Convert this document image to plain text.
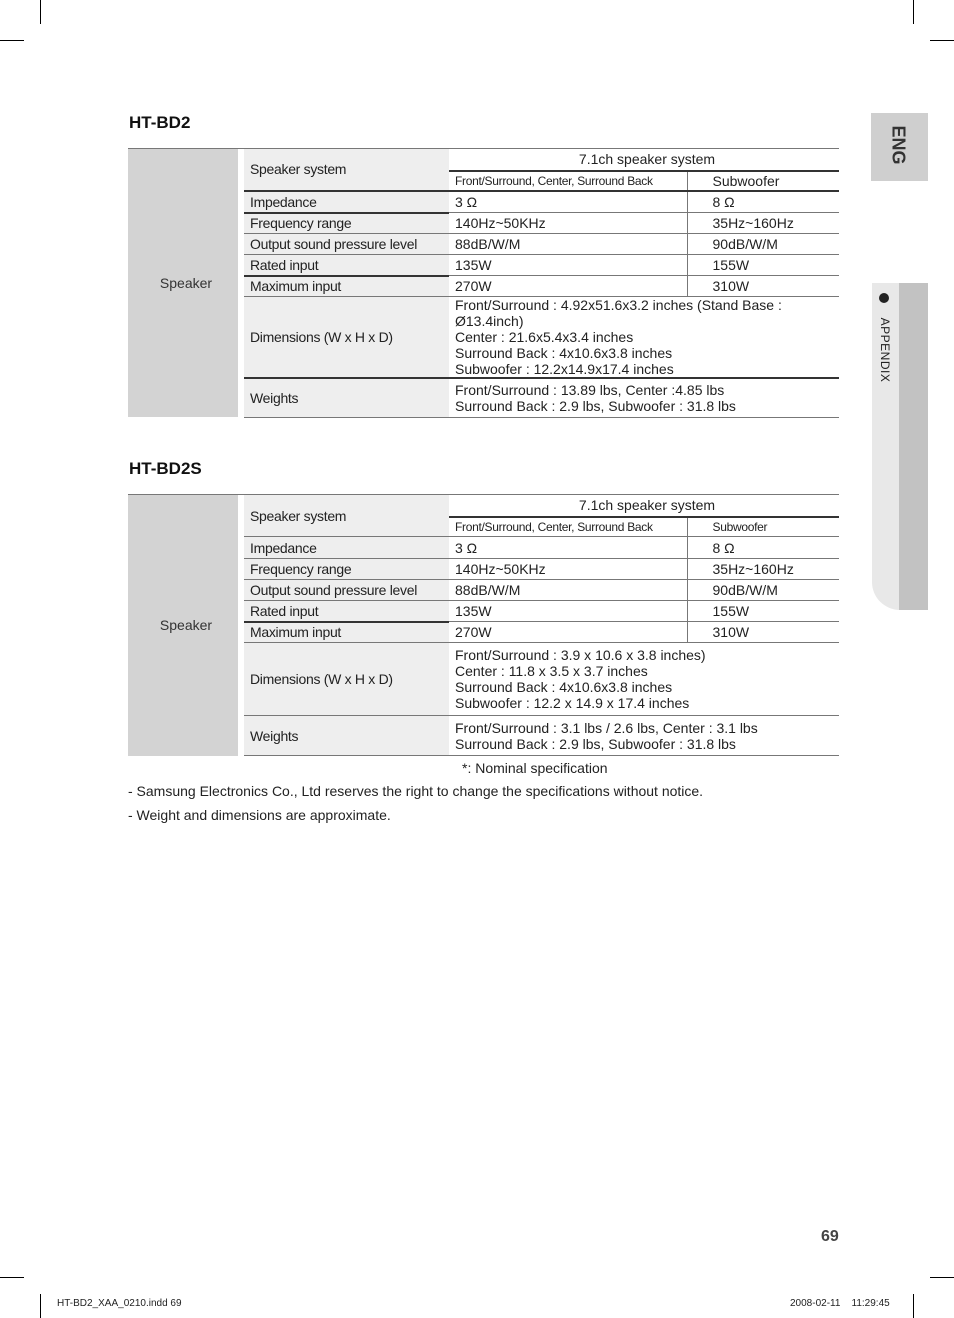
ENG
APPENDIX
HT-BD2
Speaker		Speaker system	7.1ch speaker system	
			Front/Surround, Center, Surround Back	Subwoofer
		Impedance	3 Ω	8 Ω
		Frequency range	140Hz~50KHz	35Hz~160Hz
		Output sound pressure level	88dB/W/M	90dB/W/M
		Rated input	135W	155W
		Maximum input	270W	310W
		Dimensions (W x H x D)	Front/Surround : 4.92x51.6x3.2 inches (Stand Base : Ø13.4inch)
Center : 21.6x5.4x3.4 inches
Surround Back : 4x10.6x3.8 inches
Subwoofer : 12.2x14.9x17.4 inches	

		Weights	Front/Surround : 13.89 lbs, Center :4.85 lbs
Surround Back : 2.9 lbs, Subwoofer : 31.8 lbs	
HT-BD2S
Speaker		Speaker system	7.1ch speaker system	
			Front/Surround, Center, Surround Back	Subwoofer
		Impedance	3 Ω	8 Ω
		Frequency range	140Hz~50KHz	35Hz~160Hz
		Output sound pressure level	88dB/W/M	90dB/W/M
		Rated input	135W	155W
		Maximum input	270W	310W
		Dimensions (W x H x D)	Front/Surround : 3.9 x 10.6 x 3.8 inches)
Center : 11.8 x 3.5 x 3.7 inches
Surround Back : 4x10.6x3.8 inches
Subwoofer : 12.2 x 14.9 x 17.4 inches	

		Weights	Front/Surround : 3.1 lbs / 2.6 lbs, Center : 3.1 lbs
Surround Back : 2.9 lbs, Subwoofer : 31.8 lbs	
*: Nominal specification
- Samsung Electronics Co., Ltd reserves the right to change the specifications without notice.
- Weight and dimensions are approximate.
69
HT-BD2_XAA_0210.indd 69	2008-02-11    11:29:45
